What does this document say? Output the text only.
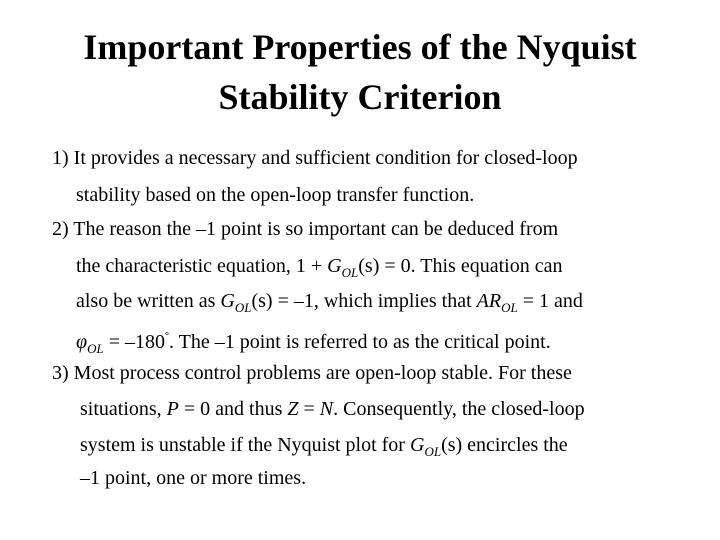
Important Properties of the Nyquist
Stability Criterion
1) It provides a necessary and sufficient condition for closed-loop
stability based on the open-loop transfer function.
2) The reason the –1 point is so important can be deduced from
the characteristic equation, $1 + G_{OL}(s) = 0$. This equation can
also be written as $G_{OL}(s) = -1$, which implies that $AR_{OL} = 1$ and
$\varphi_{OL} = -180^\circ$. The –1 point is referred to as the critical point.
3) Most process control problems are open-loop stable. For these
situations, P = 0 and thus Z = N. Consequently, the closed-loop
system is unstable if the Nyquist plot for $G_{OL}(s)$ encircles the
–1 point, one or more times.
